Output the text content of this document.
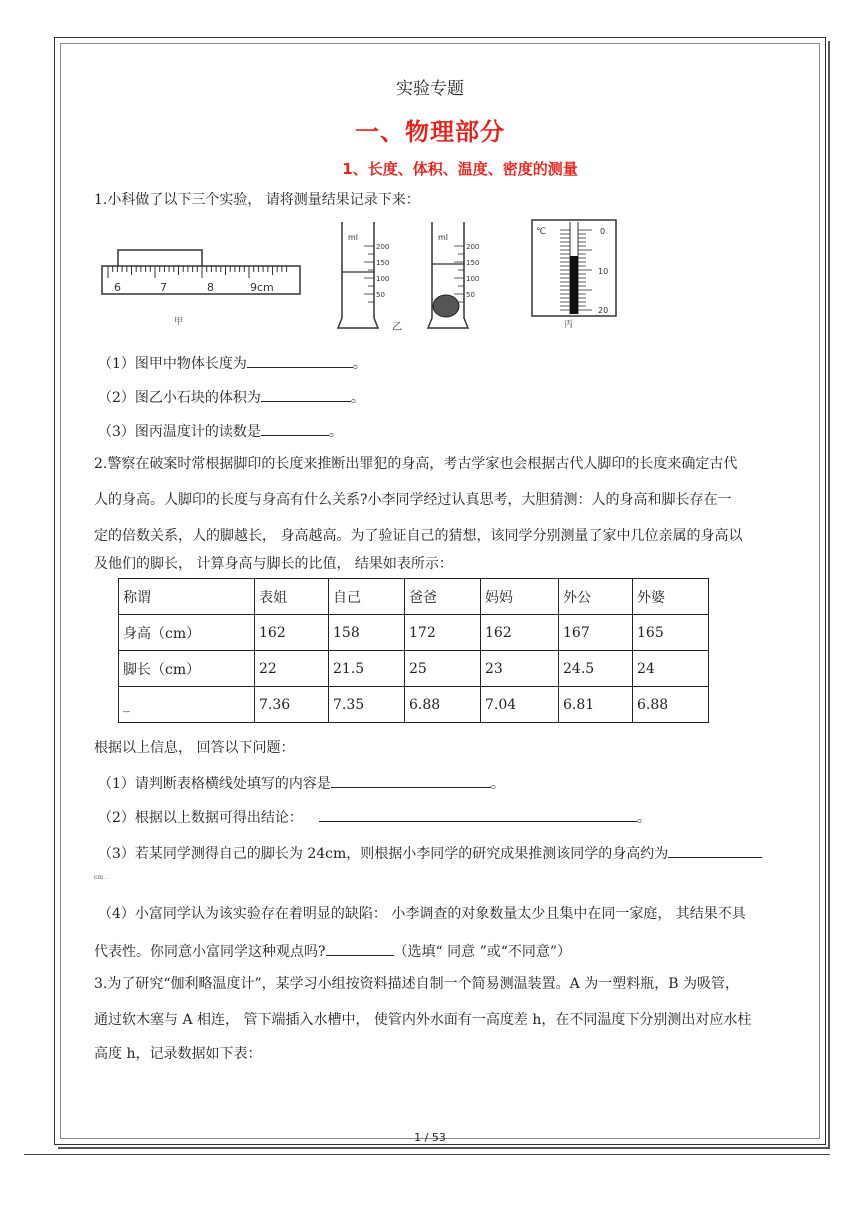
实验专题
一、物理部分
1、长度、体积、温度、密度的测量
1.小科做了以下三个实验， 请将测量结果记录下来：
6	7	8	9cm
甲
ml
200
150
100
50
乙
ml
200
150
100
50
℃	0
10
20
丙
（1）图甲中物体长度为	。
（2）图乙小石块的体积为	。
（3）图丙温度计的读数是	。
2.警察在破案时常根据脚印的长度来推断出罪犯的身高，考古学家也会根据古代人脚印的长度来确定古代
人的身高。人脚印的长度与身高有什么关系?小李同学经过认真思考，大胆猜测：人的身高和脚长存在一
定的倍数关系，人的脚越长， 身高越高。为了验证自己的猜想，该同学分别测量了家中几位亲属的身高以
及他们的脚长， 计算身高与脚长的比值， 结果如表所示：
称谓	表姐	自己	爸爸	妈妈	外公	外婆
身高（cm）	162	158	172	162	167	165
脚长（cm）	22	21.5	25	23	24.5	24
_	7.36	7.35	6.88	7.04	6.81	6.88
根据以上信息， 回答以下问题：
（1）请判断表格横线处填写的内容是	。
（2）根据以上数据可得出结论：	。
（3）若某同学测得自己的脚长为 24cm，则根据小李同学的研究成果推测该同学的身高约为
cm .
（4）小富同学认为该实验存在着明显的缺陷： 小李调查的对象数量太少且集中在同一家庭， 其结果不具
代表性。你同意小富同学这种观点吗?	（选填“ 同意 ”或“不同意”）
3.为了研究“伽利略温度计”，某学习小组按资料描述自制一个简易测温装置。A 为一塑料瓶，B 为吸管，
通过软木塞与 A 相连， 管下端插入水槽中， 使管内外水面有一高度差 h，在不同温度下分别测出对应水柱
高度 h，记录数据如下表：
1 / 53
